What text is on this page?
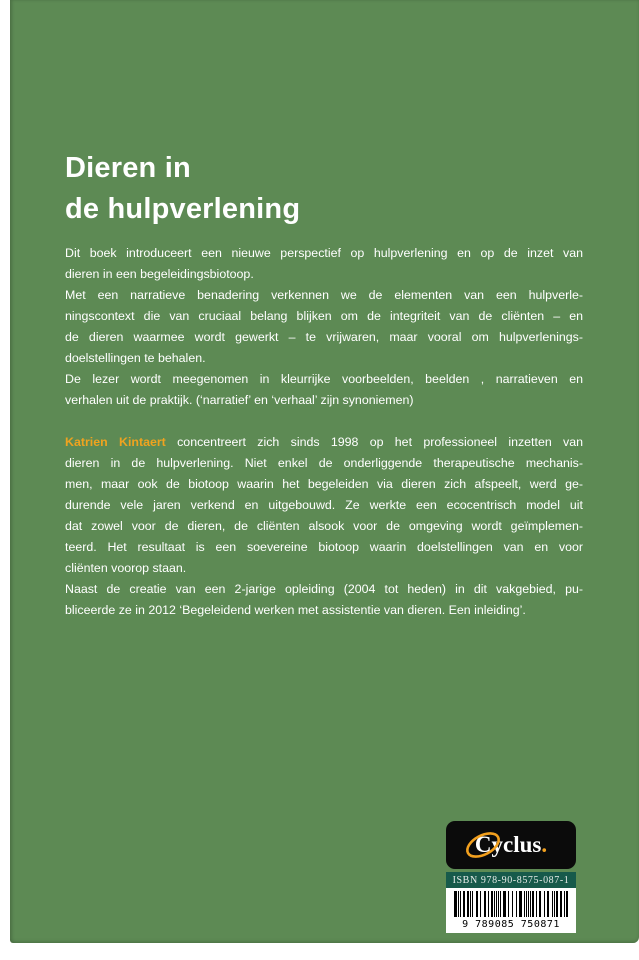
Dieren in
de hulpverlening
Dit boek introduceert een nieuwe perspectief op hulpverlening en op de inzet van
dieren in een begeleidingsbiotoop.
Met een narratieve benadering verkennen we de elementen van een hulpverle-
ningscontext die van cruciaal belang blijken om de integriteit van de cliënten – en
de dieren waarmee wordt gewerkt – te vrijwaren, maar vooral om hulpverlenings-
doelstellingen te behalen.
De lezer wordt meegenomen in kleurrijke voorbeelden, beelden , narratieven en
verhalen uit de praktijk. (‘narratief’ en ‘verhaal’ zijn synoniemen)
Katrien Kintaert concentreert zich sinds 1998 op het professioneel inzetten van
dieren in de hulpverlening. Niet enkel de onderliggende therapeutische mechanis-
men, maar ook de biotoop waarin het begeleiden via dieren zich afspeelt, werd ge-
durende vele jaren verkend en uitgebouwd. Ze werkte een ecocentrisch model uit
dat zowel voor de dieren, de cliënten alsook voor de omgeving wordt geïmplemen-
teerd. Het resultaat is een soevereine biotoop waarin doelstellingen van en voor
cliënten voorop staan.
Naast de creatie van een 2-jarige opleiding (2004 tot heden) in dit vakgebied, pu-
bliceerde ze in 2012 ‘Begeleidend werken met assistentie van dieren. Een inleiding’.
C yclus .
ISBN 978-90-8575-087-1
9 789085 750871
